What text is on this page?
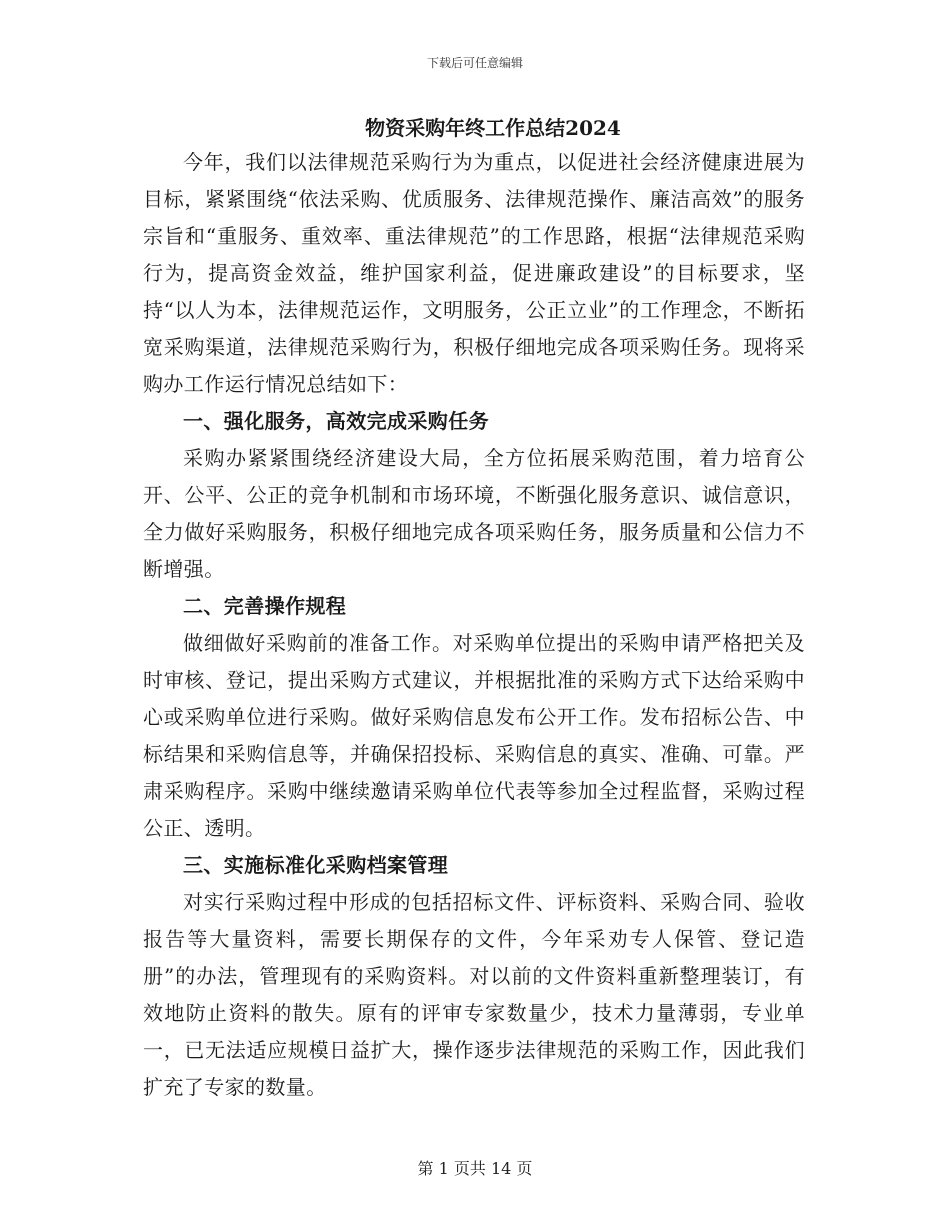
下载后可任意编辑
物资采购年终工作总结2024

今年，我们以法律规范采购行为为重点，以促进社会经济健康进展为目标，紧紧围绕“依法采购、优质服务、法律规范操作、廉洁高效”的服务宗旨和“重服务、重效率、重法律规范”的工作思路，根据“法律规范采购行为，提高资金效益，维护国家利益，促进廉政建设”的目标要求，坚持“以人为本，法律规范运作，文明服务，公正立业”的工作理念，不断拓宽采购渠道，法律规范采购行为，积极仔细地完成各项采购任务。现将采购办工作运行情况总结如下：

一、强化服务，高效完成采购任务

采购办紧紧围绕经济建设大局，全方位拓展采购范围，着力培育公开、公平、公正的竞争机制和市场环境，不断强化服务意识、诚信意识，全力做好采购服务，积极仔细地完成各项采购任务，服务质量和公信力不断增强。

二、完善操作规程

做细做好采购前的准备工作。对采购单位提出的采购申请严格把关及时审核、登记，提出采购方式建议，并根据批准的采购方式下达给采购中心或采购单位进行采购。做好采购信息发布公开工作。发布招标公告、中标结果和采购信息等，并确保招投标、采购信息的真实、准确、可靠。严肃采购程序。采购中继续邀请采购单位代表等参加全过程监督，采购过程公正、透明。

三、实施标准化采购档案管理

对实行采购过程中形成的包括招标文件、评标资料、采购合同、验收报告等大量资料，需要长期保存的文件，今年采劝专人保管、登记造册”的办法，管理现有的采购资料。对以前的文件资料重新整理装订，有效地防止资料的散失。原有的评审专家数量少，技术力量薄弱，专业单一，已无法适应规模日益扩大，操作逐步法律规范的采购工作，因此我们扩充了专家的数量。

第 1 页共 14 页
